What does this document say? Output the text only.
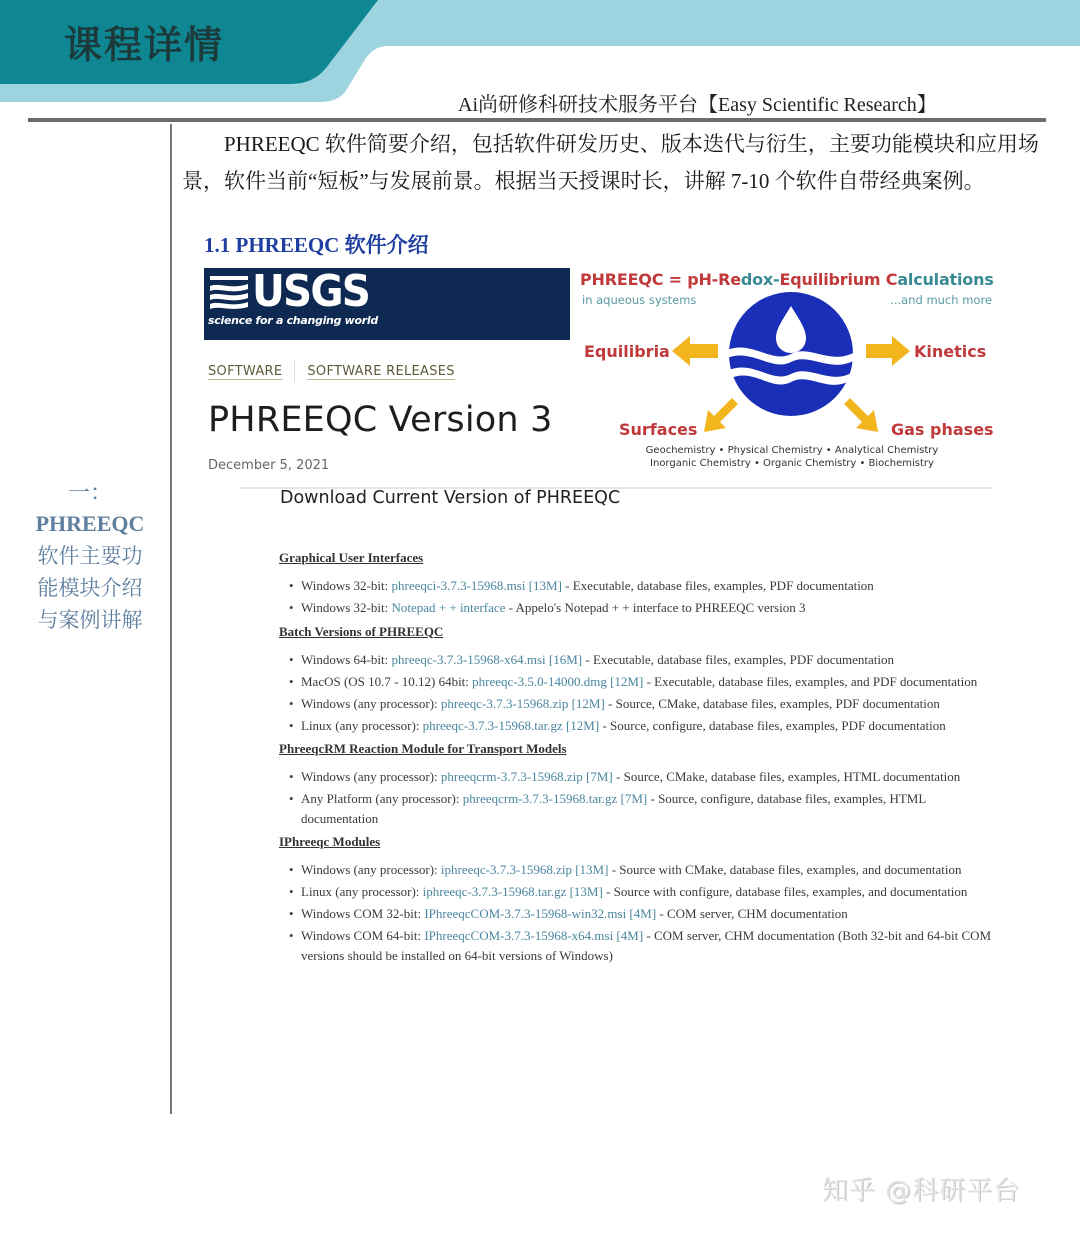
课程详情
Ai尚研修科研技术服务平台【Easy Scientific Research】
一：
PHREEQC
软件主要功
能模块介绍
与案例讲解

PHREEQC 软件简要介绍，包括软件研发历史、版本迭代与衍生，主要功能模块和应用场景，软件当前“短板”与发展前景。根据当天授课时长，讲解 7-10 个软件自带经典案例。

1.1 PHREEQC 软件介绍
USGS
science for a changing world
SOFTWARE SOFTWARE RELEASES
PHREEQC Version 3
December 5, 2021
PHREEQC = pH-Redox-Equilibrium Calculations
in aqueous systems	...and much more
Equilibria	Kinetics
Surfaces	Gas phases
Geochemistry • Physical Chemistry • Analytical Chemistry
Inorganic Chemistry • Organic Chemistry • Biochemistry
Download Current Version of PHREEQC
Graphical User Interfaces
• Windows 32-bit: phreeqci-3.7.3-15968.msi [13M] - Executable, database files, examples, PDF documentation
• Windows 32-bit: Notepad + + interface - Appelo's Notepad + + interface to PHREEQC version 3
Batch Versions of PHREEQC
• Windows 64-bit: phreeqc-3.7.3-15968-x64.msi [16M] - Executable, database files, examples, PDF documentation
• MacOS (OS 10.7 - 10.12) 64bit: phreeqc-3.5.0-14000.dmg [12M] - Executable, database files, examples, and PDF documentation
• Windows (any processor): phreeqc-3.7.3-15968.zip [12M] - Source, CMake, database files, examples, PDF documentation
• Linux (any processor): phreeqc-3.7.3-15968.tar.gz [12M] - Source, configure, database files, examples, PDF documentation
PhreeqcRM Reaction Module for Transport Models
• Windows (any processor): phreeqcrm-3.7.3-15968.zip [7M] - Source, CMake, database files, examples, HTML documentation
• Any Platform (any processor): phreeqcrm-3.7.3-15968.tar.gz [7M] - Source, configure, database files, examples, HTML documentation
IPhreeqc Modules
• Windows (any processor): iphreeqc-3.7.3-15968.zip [13M] - Source with CMake, database files, examples, and documentation
• Linux (any processor): iphreeqc-3.7.3-15968.tar.gz [13M] - Source with configure, database files, examples, and documentation
• Windows COM 32-bit: IPhreeqcCOM-3.7.3-15968-win32.msi [4M] - COM server, CHM documentation
• Windows COM 64-bit: IPhreeqcCOM-3.7.3-15968-x64.msi [4M] - COM server, CHM documentation (Both 32-bit and 64-bit COM versions should be installed on 64-bit versions of Windows)
知乎 @科研平台
